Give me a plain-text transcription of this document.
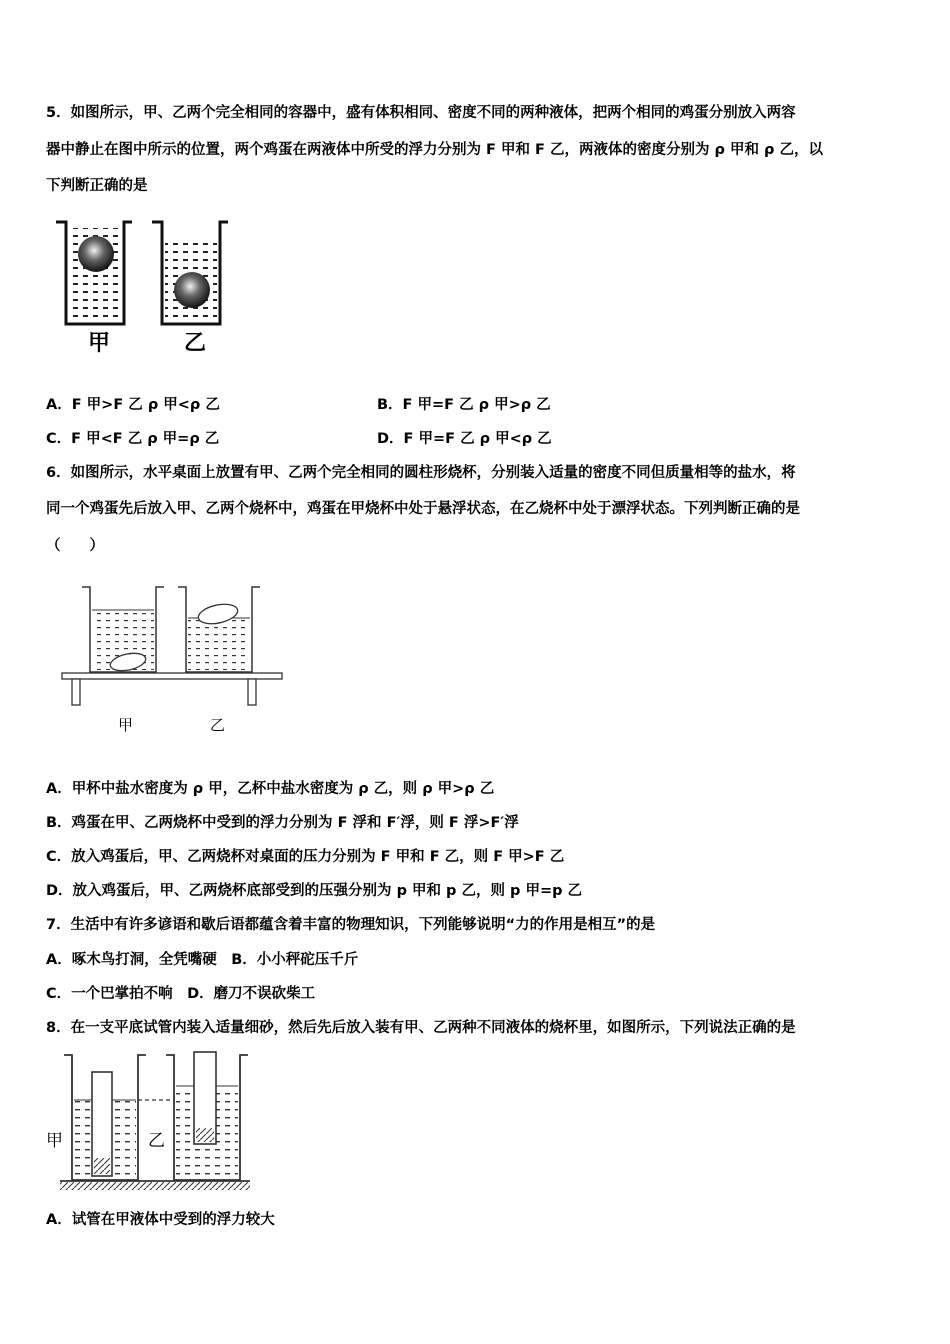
5．如图所示，甲、乙两个完全相同的容器中，盛有体积相同、密度不同的两种液体，把两个相同的鸡蛋分别放入两容
器中静止在图中所示的位置，两个鸡蛋在两液体中所受的浮力分别为 F 甲和 F 乙，两液体的密度分别为 ρ 甲和 ρ 乙，以
下判断正确的是
甲	乙
A．F 甲>F 乙 ρ 甲<ρ 乙	B．F 甲=F 乙 ρ 甲>ρ 乙
C．F 甲<F 乙 ρ 甲=ρ 乙	D．F 甲=F 乙 ρ 甲<ρ 乙
6．如图所示，水平桌面上放置有甲、乙两个完全相同的圆柱形烧杯，分别装入适量的密度不同但质量相等的盐水，将
同一个鸡蛋先后放入甲、乙两个烧杯中，鸡蛋在甲烧杯中处于悬浮状态，在乙烧杯中处于漂浮状态。下列判断正确的是
（　　）
甲	乙
A．甲杯中盐水密度为 ρ 甲，乙杯中盐水密度为 ρ 乙，则 ρ 甲>ρ 乙
B．鸡蛋在甲、乙两烧杯中受到的浮力分别为 F 浮和 F′浮，则 F 浮>F′浮
C．放入鸡蛋后，甲、乙两烧杯对桌面的压力分别为 F 甲和 F 乙，则 F 甲>F 乙
D．放入鸡蛋后，甲、乙两烧杯底部受到的压强分别为 p 甲和 p 乙，则 p 甲=p 乙
7．生活中有许多谚语和歇后语都蕴含着丰富的物理知识，下列能够说明“力的作用是相互”的是
A．啄木鸟打洞，全凭嘴硬　B．小小秤砣压千斤
C．一个巴掌拍不响　D．磨刀不误砍柴工
8．在一支平底试管内装入适量细砂，然后先后放入装有甲、乙两种不同液体的烧杯里，如图所示，下列说法正确的是
甲	乙
A．试管在甲液体中受到的浮力较大
